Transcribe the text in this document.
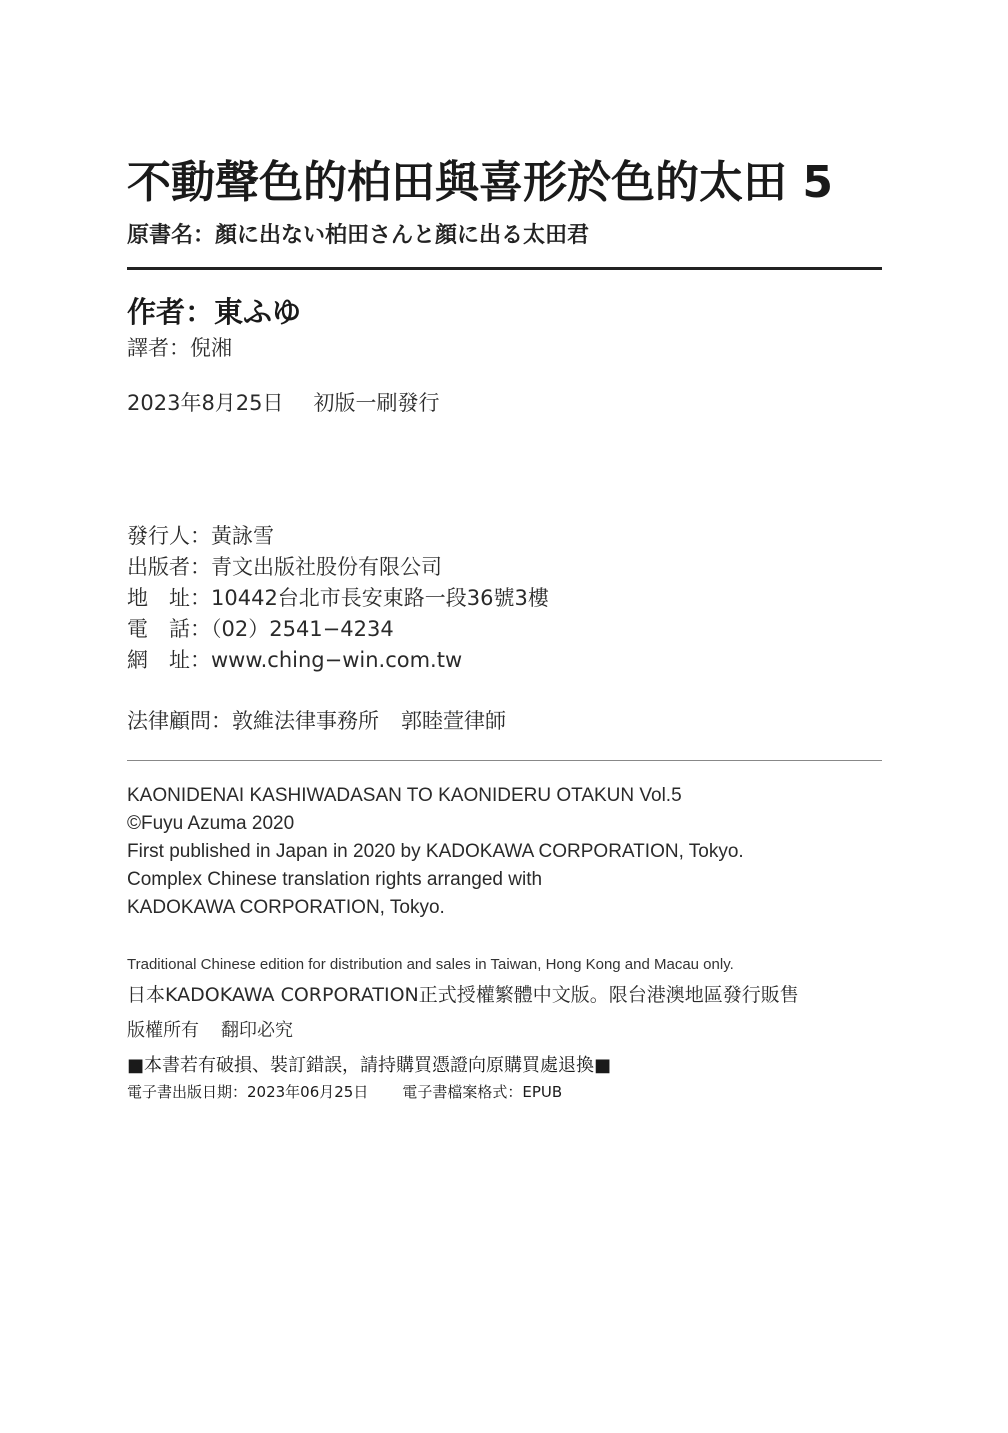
不動聲色的柏田與喜形於色的太田 5
原書名：顏に出ない柏田さんと顔に出る太田君
作者：東ふゆ
譯者：倪湘
2023年8月25日 初版一刷發行
發行人：黃詠雪
出版者：青文出版社股份有限公司
地　址：10442台北市長安東路一段36號3樓
電　話：（02）2541−4234
網　址：www.ching−win.com.tw
法律顧問：敦維法律事務所 郭睦萱律師
KAONIDENAI KASHIWADASAN TO KAONIDERU OTAKUN Vol.5
©Fuyu Azuma 2020
First published in Japan in 2020 by KADOKAWA CORPORATION, Tokyo.
Complex Chinese translation rights arranged with
KADOKAWA CORPORATION, Tokyo.
Traditional Chinese edition for distribution and sales in Taiwan, Hong Kong and Macau only.
日本KADOKAWA CORPORATION正式授權繁體中文版。限台港澳地區發行販售
版權所有 翻印必究
■本書若有破損、裝訂錯誤，請持購買憑證向原購買處退換■
電子書出版日期：2023年06月25日 電子書檔案格式：EPUB
